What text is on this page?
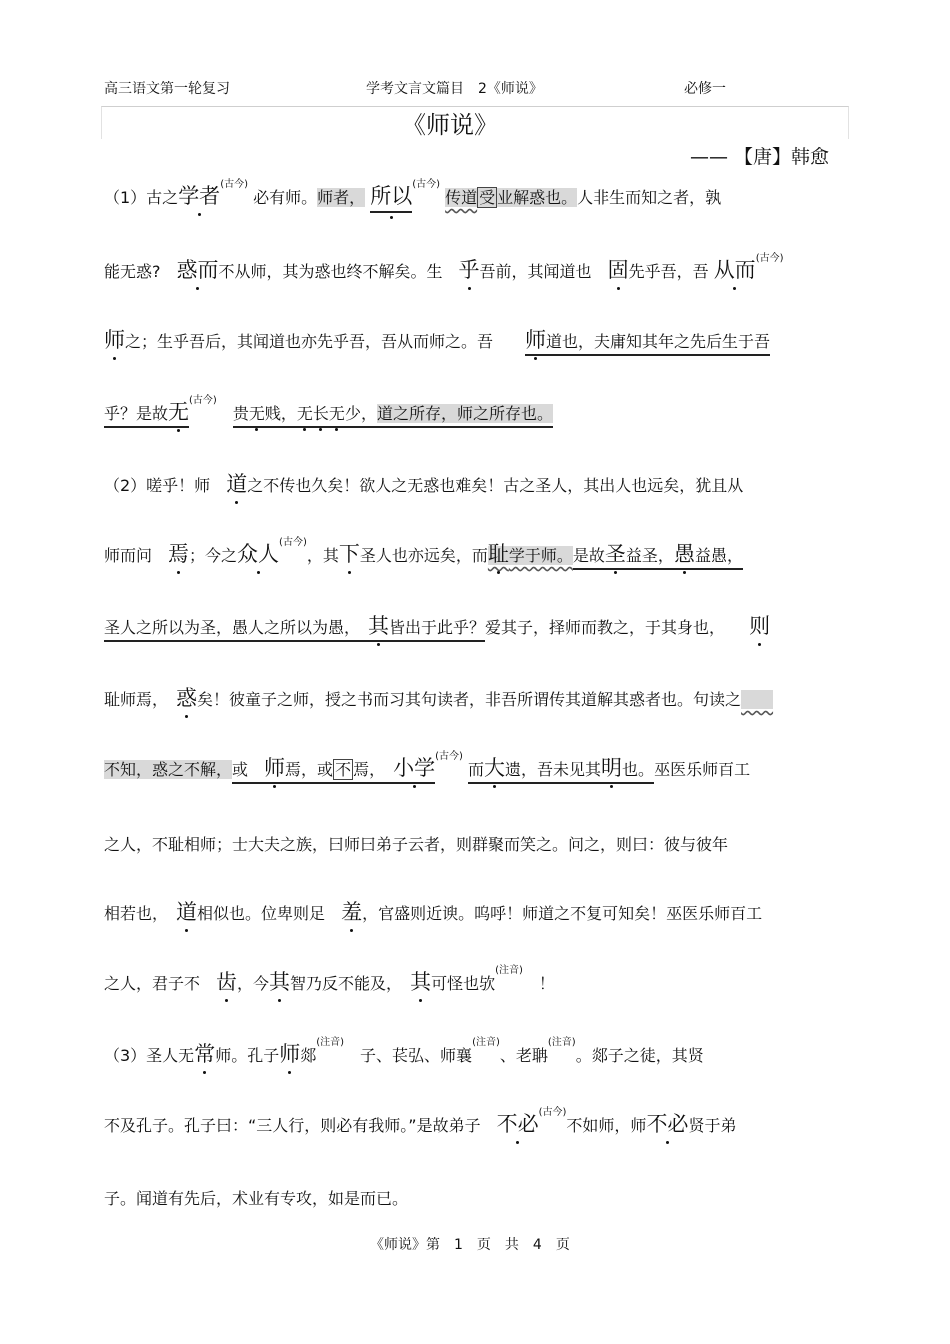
高三语文第一轮复习	学考文言文篇目　2《师说》	必修一
《师说》
—— 【唐】韩愈
（1）古之学者$^{(古今)}$ 必有师。师者， 所以$^{(古今)}$ 传道 受 业解惑也。人非生而知之者，孰
能无惑?　 惑而不从师，其为惑也终不解矣。生　 乎吾前，其闻道也　 固先乎吾，吾 从而$^{(古今)}$
师之；生乎吾后，其闻道也亦先乎吾，吾从而师之。吾　　 师道也，夫庸知其年之先后生于吾
乎？是故无$^{(古今)}$　贵无贱，无长无少，道之所存，师之所存也。
（2）嗟乎！师　 道之不传也久矣！欲人之无惑也难矣！古之圣人，其出人也远矣，犹且从
师而问　 焉；今之众人$^{(古今)}$，其下圣人也亦远矣，而耻学于师。是故圣益圣，愚益愚，
圣人之所以为圣，愚人之所以为愚，　 其皆出于此乎？爱其子，择师而教之，于其身也，　　 则
耻师焉，　 惑矣！彼童子之师，授之书而习其句读者，非吾所谓传其道解其惑者也。句读之　　
不知，惑之不解，或　 师焉，或 不 焉，　 小学$^{(古今)}$ 而大遗，吾未见其明也。巫医乐师百工
之人，不耻相师；士大夫之族，曰师曰弟子云者，则群聚而笑之。问之，则曰：彼与彼年
相若也，　 道相似也。位卑则足　 羞，官盛则近谀。呜呼！师道之不复可知矣！巫医乐师百工
之人，君子不　 齿，今其智乃反不能及，　 其可怪也欤$^{(注音)}$　！
（3）圣人无常师。孔子师郯$^{(注音)}$　子、苌弘、师襄$^{(注音)}$、老聃$^{(注音)}$。郯子之徒，其贤
不及孔子。孔子曰：“三人行，则必有我师。”是故弟子　 不必$^{(古今)}$不如师，师不必贤于弟
子。闻道有先后，术业有专攻，如是而已。
《师说》第　1　页　共　4　页
